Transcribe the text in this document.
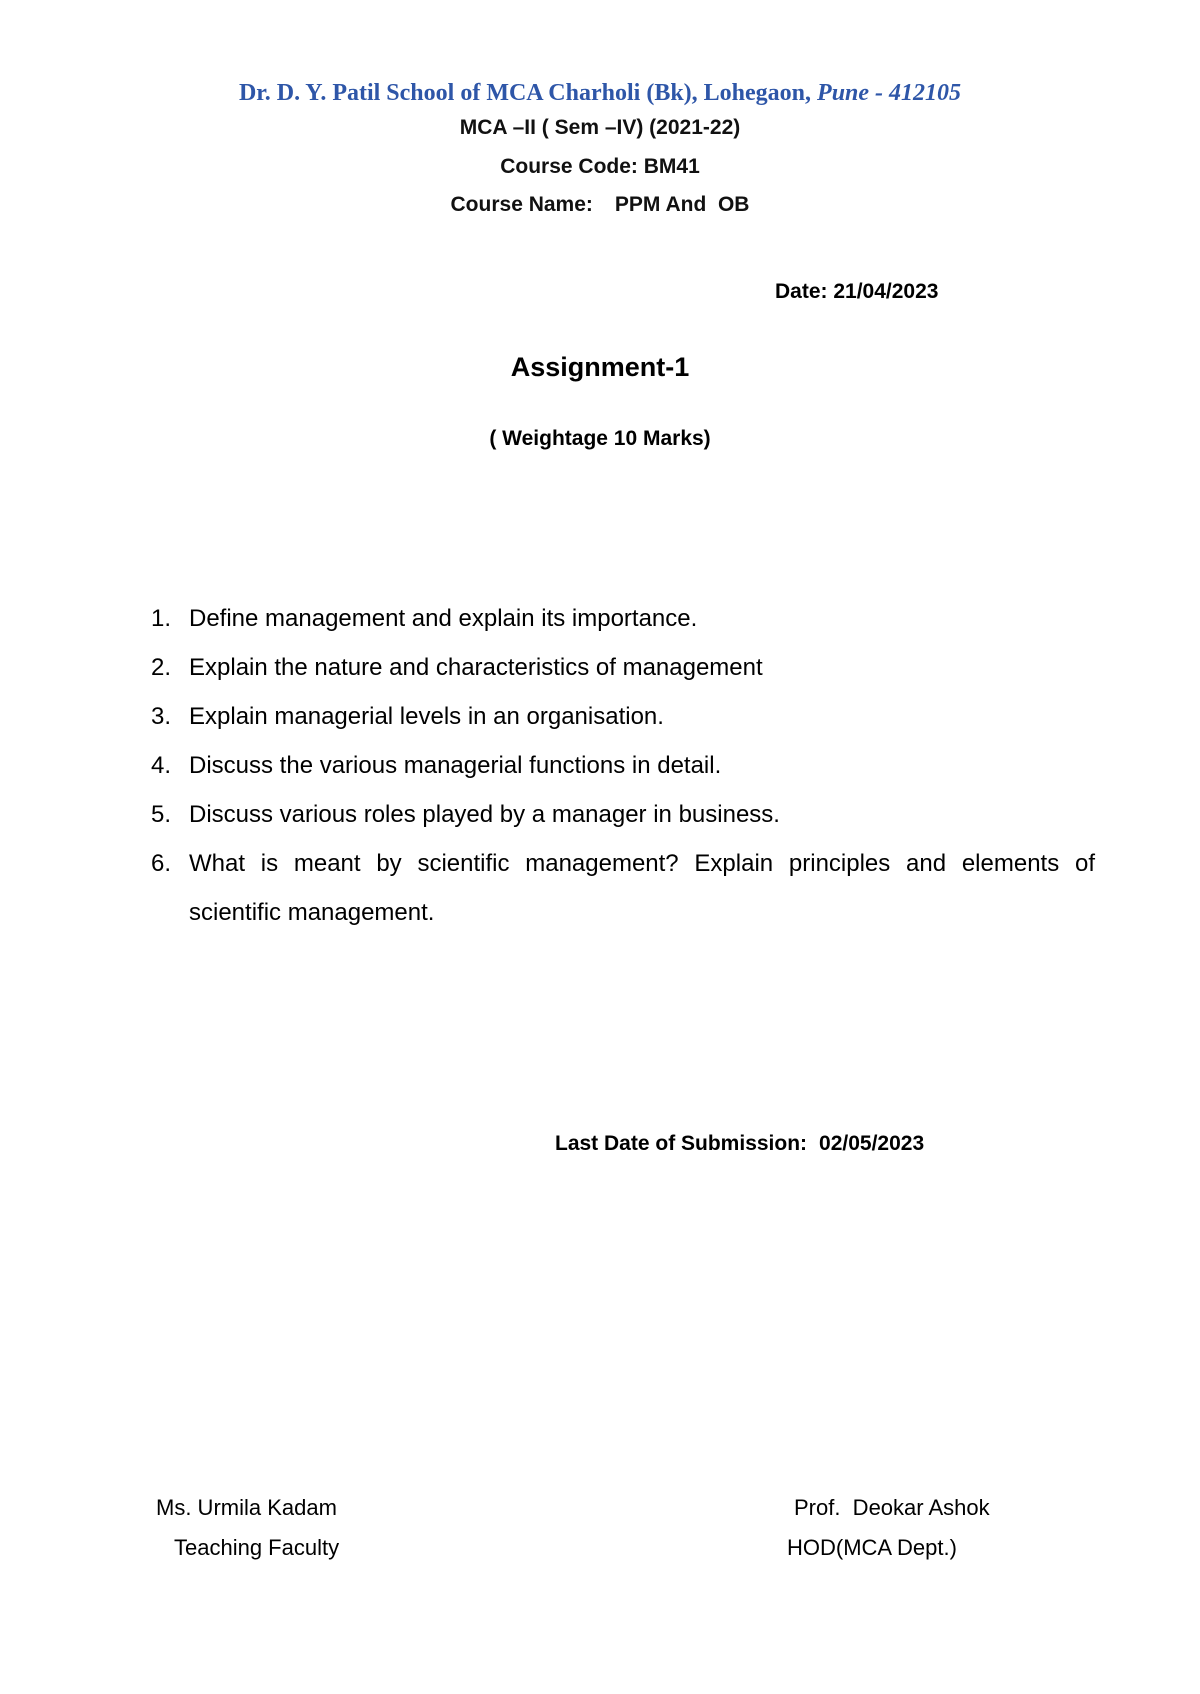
Dr. D. Y. Patil School of MCA Charholi (Bk), Lohegaon, Pune - 412105
MCA –II ( Sem –IV) (2021-22)
Course Code: BM41
Course Name: PPM And  OB
Date: 21/04/2023
Assignment-1
( Weightage 10 Marks)
1. Define management and explain its importance.
2. Explain the nature and characteristics of management
3. Explain managerial levels in an organisation.
4. Discuss the various managerial functions in detail.
5. Discuss various roles played by a manager in business.
6. What is meant by scientific management? Explain principles and elements of scientific management.
Last Date of Submission: 02/05/2023
Ms. Urmila Kadam
Teaching Faculty
Prof.  Deokar Ashok
HOD(MCA Dept.)
